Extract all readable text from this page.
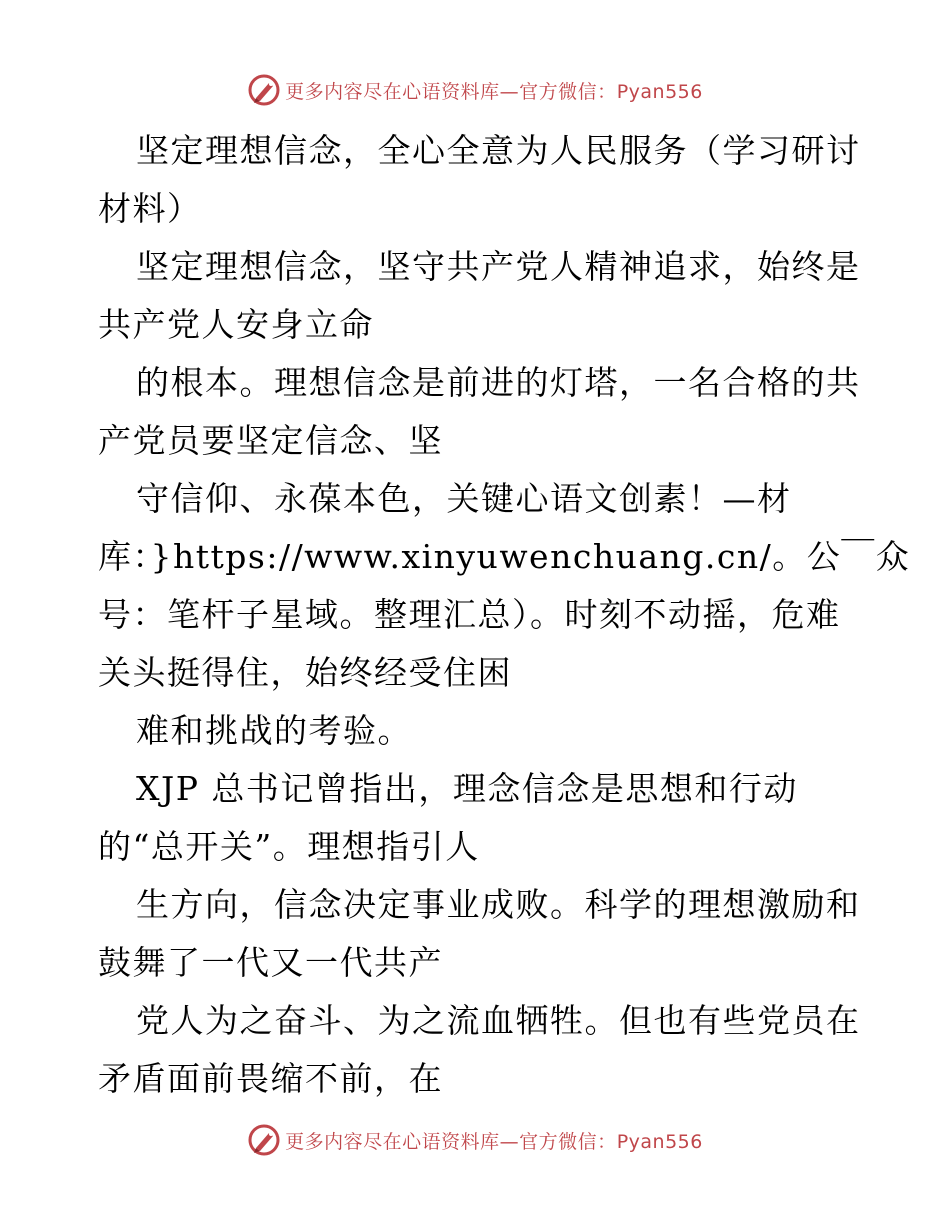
更多内容尽在心语资料库—官方微信：Pyan556
坚定理想信念，全心全意为人民服务（学习研讨
材料）
坚定理想信念，坚守共产党人精神追求，始终是
共产党人安身立命
的根本。理想信念是前进的灯塔，一名合格的共
产党员要坚定信念、坚
守信仰、永葆本色，关键心语文创素！—材
库：}https://www.xinyuwenchuang.cn/。公￣众
号：笔杆子星域。整理汇总）。时刻不动摇，危难
关头挺得住，始终经受住困
难和挑战的考验。
XJP 总书记曾指出，理念信念是思想和行动
的“总开关”。理想指引人
生方向，信念决定事业成败。科学的理想激励和
鼓舞了一代又一代共产
党人为之奋斗、为之流血牺牲。但也有些党员在
矛盾面前畏缩不前，在
更多内容尽在心语资料库—官方微信：Pyan556
